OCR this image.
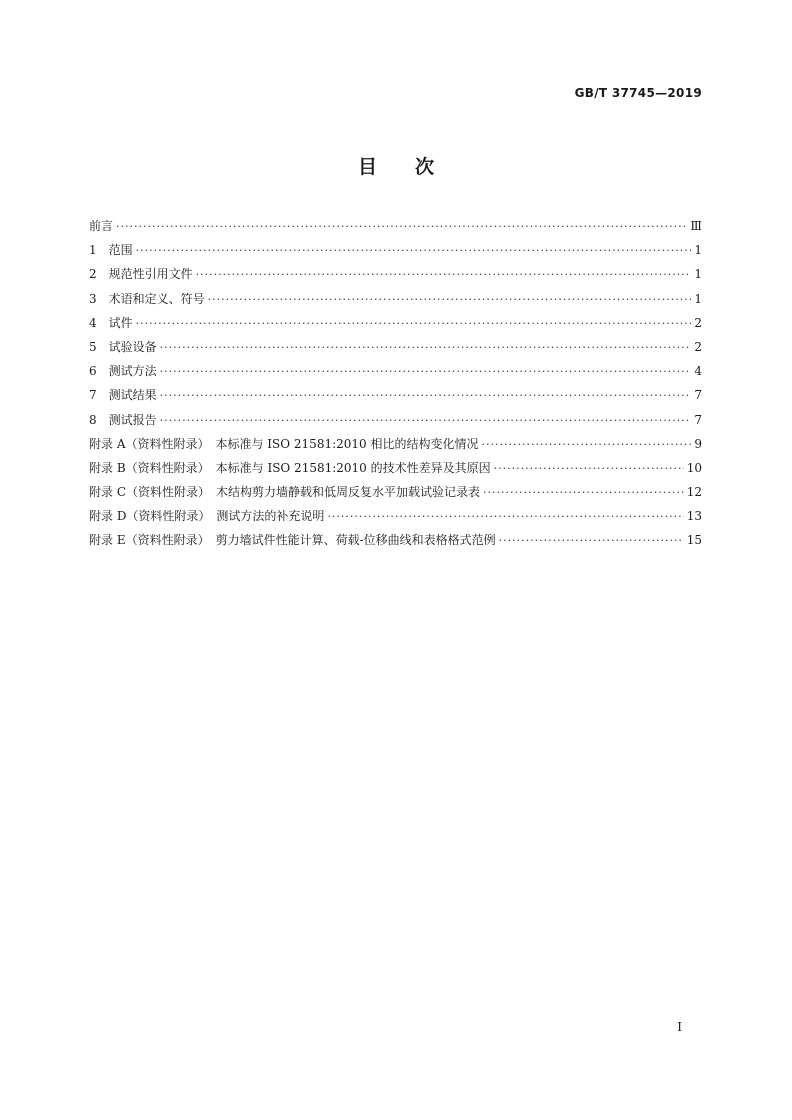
GB/T 37745—2019
目次
前言 ·····	Ⅲ
1　范围 ·····	1
2　规范性引用文件 ·····	1
3　术语和定义、符号 ·····	1
4　试件 ·····	2
5　试验设备 ·····	2
6　测试方法 ·····	4
7　测试结果 ·····	7
8　测试报告 ·····	7
附录 A（资料性附录）　本标准与 ISO 21581:2010 相比的结构变化情况 ·····	9
附录 B（资料性附录）　本标准与 ISO 21581:2010 的技术性差异及其原因 ·····	10
附录 C（资料性附录）　木结构剪力墙静载和低周反复水平加载试验记录表 ·····	12
附录 D（资料性附录）　测试方法的补充说明 ·····	13
附录 E（资料性附录）　剪力墙试件性能计算、荷载-位移曲线和表格格式范例 ·····	15
I
